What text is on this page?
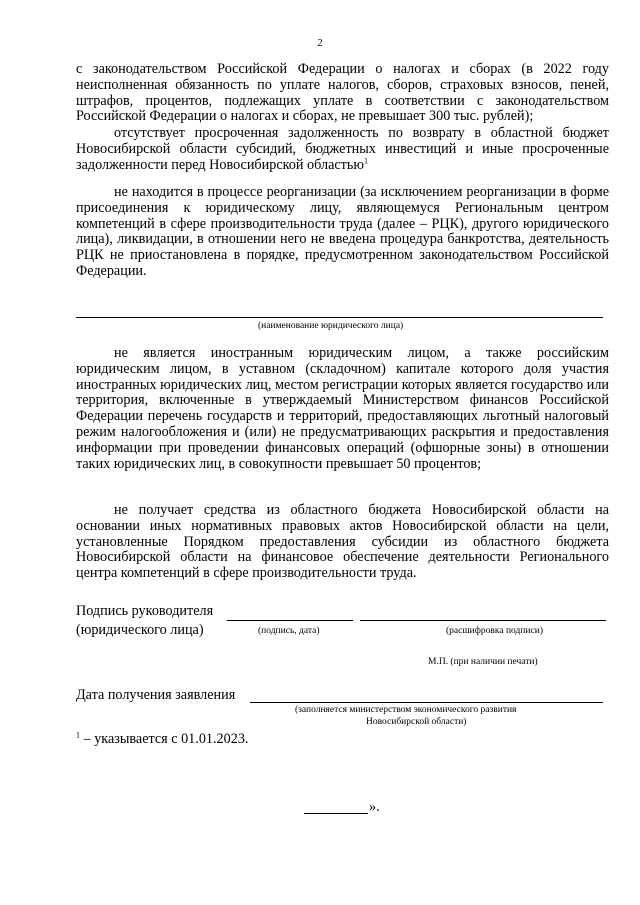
2

с законодательством Российской Федерации о налогах и сборах (в 2022 году неисполненная обязанность по уплате налогов, сборов, страховых взносов, пеней, штрафов, процентов, подлежащих уплате в соответствии с законодательством Российской Федерации о налогах и сборах, не превышает 300 тыс. рублей);

отсутствует просроченная задолженность по возврату в областной бюджет Новосибирской области субсидий, бюджетных инвестиций и иные просроченные задолженности перед Новосибирской областью$^1$

не находится в процессе реорганизации (за исключением реорганизации в форме присоединения к юридическому лицу, являющемуся Региональным центром компетенций в сфере производительности труда (далее – РЦК), другого юридического лица), ликвидации, в отношении него не введена процедура банкротства, деятельность РЦК не приостановлена в порядке, предусмотренном законодательством Российской Федерации.

(наименование юридического лица)

не является иностранным юридическим лицом, а также российским юридическим лицом, в уставном (складочном) капитале которого доля участия иностранных юридических лиц, местом регистрации которых является государство или территория, включенные в утверждаемый Министерством финансов Российской Федерации перечень государств и территорий, предоставляющих льготный налоговый режим налогообложения и (или) не предусматривающих раскрытия и предоставления информации при проведении финансовых операций (офшорные зоны) в отношении таких юридических лиц, в совокупности превышает 50 процентов;

не получает средства из областного бюджета Новосибирской области на основании иных нормативных правовых актов Новосибирской области на цели, установленные Порядком предоставления субсидии из областного бюджета Новосибирской области на финансовое обеспечение деятельности Регионального центра компетенций в сфере производительности труда.

Подпись руководителя
(юридического лица)	(подпись, дата)	(расшифровка подписи)
М.П. (при наличии печати)
Дата получения заявления
(заполняется министерством экономического развития
Новосибирской области)
$^1$ – указывается с 01.01.2023.
».
